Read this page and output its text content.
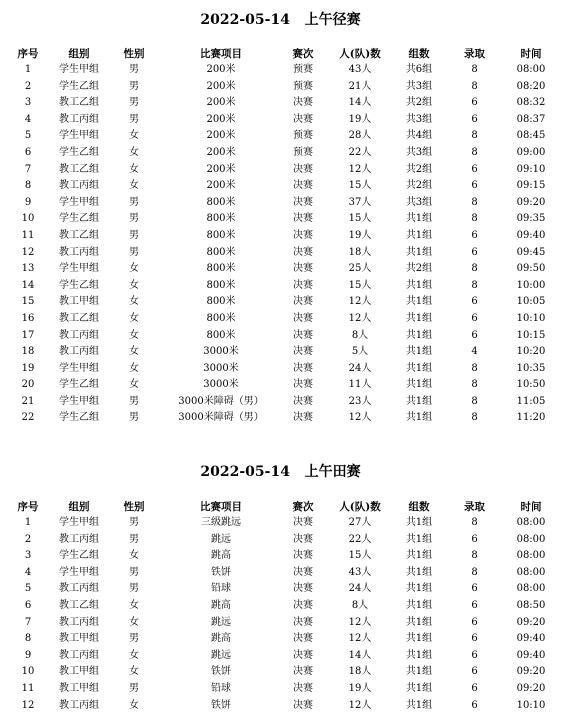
2022-05-14   上午径赛
序号	组别	性别	比赛项目	赛次	人(队)数	组数	录取	时间
1	学生甲组	男	200米	预赛	43人	共6组	8	08:00
2	学生乙组	男	200米	预赛	21人	共3组	8	08:20
3	教工乙组	男	200米	决赛	14人	共2组	6	08:32
4	教工丙组	男	200米	决赛	19人	共3组	6	08:37
5	学生甲组	女	200米	预赛	28人	共4组	8	08:45
6	学生乙组	女	200米	预赛	22人	共3组	8	09:00
7	教工乙组	女	200米	决赛	12人	共2组	6	09:10
8	教工丙组	女	200米	决赛	15人	共2组	6	09:15
9	学生甲组	男	800米	决赛	37人	共3组	8	09:20
10	学生乙组	男	800米	决赛	15人	共1组	8	09:35
11	教工乙组	男	800米	决赛	19人	共1组	6	09:40
12	教工丙组	男	800米	决赛	18人	共1组	6	09:45
13	学生甲组	女	800米	决赛	25人	共2组	8	09:50
14	学生乙组	女	800米	决赛	15人	共1组	8	10:00
15	教工甲组	女	800米	决赛	12人	共1组	6	10:05
16	教工乙组	女	800米	决赛	12人	共1组	6	10:10
17	教工丙组	女	800米	决赛	8人	共1组	6	10:15
18	教工丙组	女	3000米	决赛	5人	共1组	4	10:20
19	学生甲组	女	3000米	决赛	24人	共1组	8	10:35
20	学生乙组	女	3000米	决赛	11人	共1组	8	10:50
21	学生甲组	男	3000米障碍（男）	决赛	23人	共1组	8	11:05
22	学生乙组	男	3000米障碍（男）	决赛	12人	共1组	8	11:20
2022-05-14   上午田赛
序号	组别	性别	比赛项目	赛次	人(队)数	组数	录取	时间
1	学生甲组	男	三级跳远	决赛	27人	共1组	8	08:00
2	教工丙组	男	跳远	决赛	22人	共1组	6	08:00
3	学生乙组	女	跳高	决赛	15人	共1组	8	08:00
4	学生甲组	男	铁饼	决赛	43人	共1组	8	08:00
5	教工丙组	男	铅球	决赛	24人	共1组	6	08:00
6	教工乙组	女	跳高	决赛	8人	共1组	6	08:50
7	教工丙组	女	跳远	决赛	12人	共1组	6	09:20
8	教工甲组	男	跳高	决赛	12人	共1组	6	09:40
9	教工丙组	女	跳远	决赛	14人	共1组	6	09:40
10	教工甲组	女	铁饼	决赛	18人	共1组	6	09:20
11	教工甲组	男	铅球	决赛	19人	共1组	6	09:20
12	教工丙组	女	铁饼	决赛	12人	共1组	6	10:10
